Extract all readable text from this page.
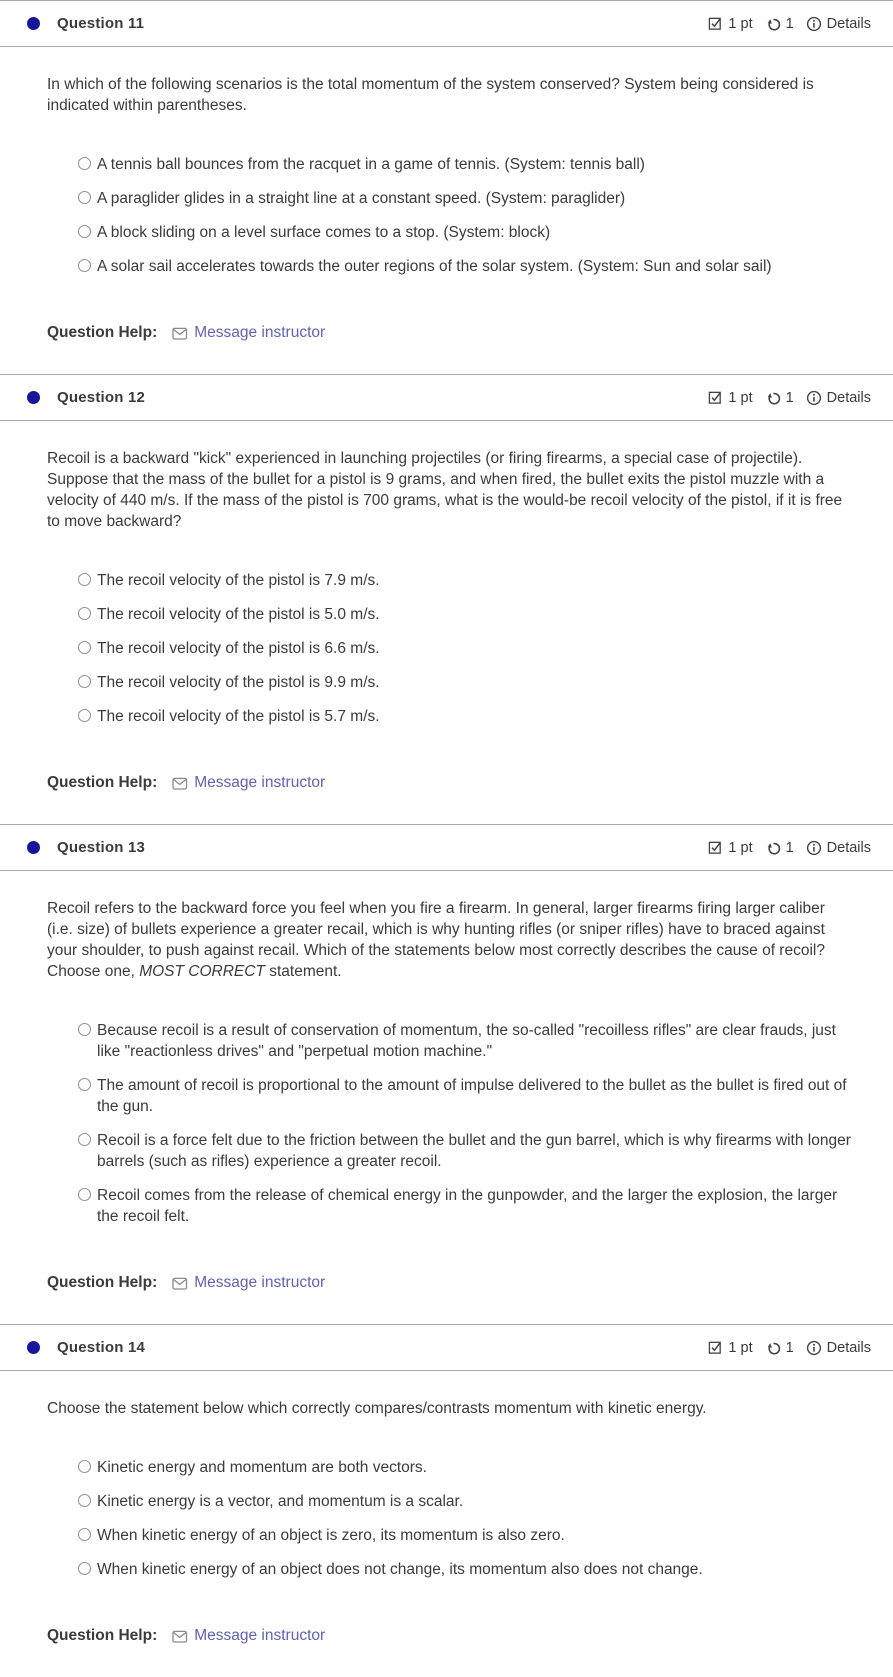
Question 11	1 pt 1 Details

In which of the following scenarios is the total momentum of the system conserved? System being considered is indicated within parentheses.

A tennis ball bounces from the racquet in a game of tennis. (System: tennis ball)
A paraglider glides in a straight line at a constant speed. (System: paraglider)
A block sliding on a level surface comes to a stop. (System: block)
A solar sail accelerates towards the outer regions of the solar system. (System: Sun and solar sail)
Question Help: Message instructor
Question 12	1 pt 1 Details

Recoil is a backward "kick" experienced in launching projectiles (or firing firearms, a special case of projectile). Suppose that the mass of the bullet for a pistol is 9 grams, and when fired, the bullet exits the pistol muzzle with a velocity of 440 m/s. If the mass of the pistol is 700 grams, what is the would-be recoil velocity of the pistol, if it is free to move backward?

The recoil velocity of the pistol is 7.9 m/s.
The recoil velocity of the pistol is 5.0 m/s.
The recoil velocity of the pistol is 6.6 m/s.
The recoil velocity of the pistol is 9.9 m/s.
The recoil velocity of the pistol is 5.7 m/s.
Question Help: Message instructor
Question 13	1 pt 1 Details

Recoil refers to the backward force you feel when you fire a firearm. In general, larger firearms firing larger caliber (i.e. size) of bullets experience a greater recail, which is why hunting rifles (or sniper rifles) have to braced against your shoulder, to push against recail. Which of the statements below most correctly describes the cause of recoil? Choose one, MOST CORRECT statement.

Because recoil is a result of conservation of momentum, the so-called "recoilless rifles" are clear frauds, just like "reactionless drives" and "perpetual motion machine."
The amount of recoil is proportional to the amount of impulse delivered to the bullet as the bullet is fired out of the gun.
Recoil is a force felt due to the friction between the bullet and the gun barrel, which is why firearms with longer barrels (such as rifles) experience a greater recoil.
Recoil comes from the release of chemical energy in the gunpowder, and the larger the explosion, the larger the recoil felt.
Question Help: Message instructor
Question 14	1 pt 1 Details

Choose the statement below which correctly compares/contrasts momentum with kinetic energy.

Kinetic energy and momentum are both vectors.
Kinetic energy is a vector, and momentum is a scalar.
When kinetic energy of an object is zero, its momentum is also zero.
When kinetic energy of an object does not change, its momentum also does not change.
Question Help: Message instructor
